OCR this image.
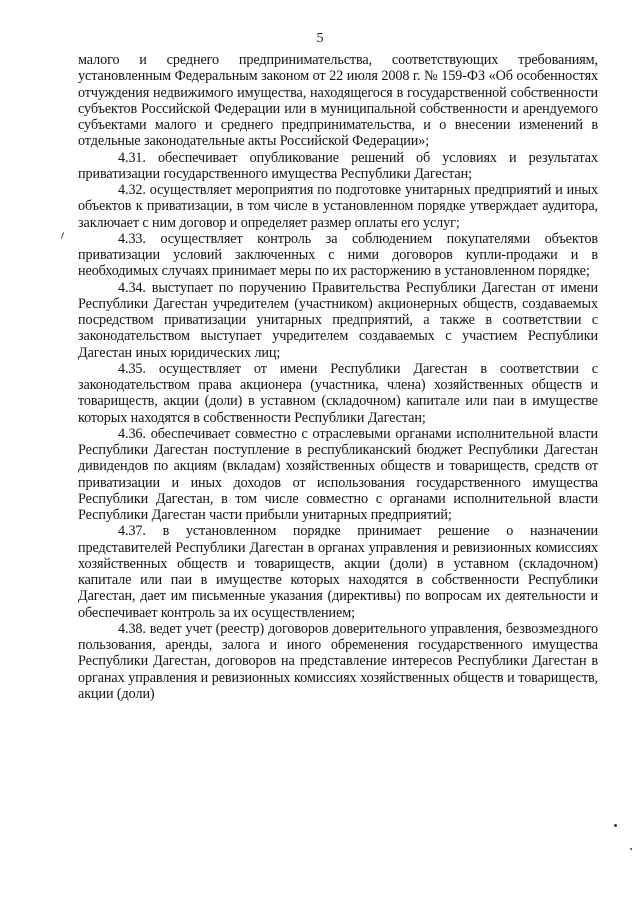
5

малого и среднего предпринимательства, соответствующих требованиям, установленным Федеральным законом от 22 июля 2008 г. № 159-ФЗ «Об особенностях отчуждения недвижимого имущества, находящегося в государственной собственности субъектов Российской Федерации или в муниципальной собственности и арендуемого субъектами малого и среднего предпринимательства, и о внесении изменений в отдельные законодательные акты Российской Федерации»;

4.31. обеспечивает опубликование решений об условиях и результатах приватизации государственного имущества Республики Дагестан;

4.32. осуществляет мероприятия по подготовке унитарных предприятий и иных объектов к приватизации, в том числе в установленном порядке утверждает аудитора, заключает с ним договор и определяет размер оплаты его услуг;

4.33. осуществляет контроль за соблюдением покупателями объектов приватизации условий заключенных с ними договоров купли-продажи и в необходимых случаях принимает меры по их расторжению в установленном порядке;

4.34. выступает по поручению Правительства Республики Дагестан от имени Республики Дагестан учредителем (участником) акционерных обществ, создаваемых посредством приватизации унитарных предприятий, а также в соответствии с законодательством выступает учредителем создаваемых с участием Республики Дагестан иных юридических лиц;

4.35. осуществляет от имени Республики Дагестан в соответствии с законодательством права акционера (участника, члена) хозяйственных обществ и товариществ, акции (доли) в уставном (складочном) капитале или паи в имуществе которых находятся в собственности Республики Дагестан;

4.36. обеспечивает совместно с отраслевыми органами исполнительной власти Республики Дагестан поступление в республиканский бюджет Республики Дагестан дивидендов по акциям (вкладам) хозяйственных обществ и товариществ, средств от приватизации и иных доходов от использования государственного имущества Республики Дагестан, в том числе совместно с органами исполнительной власти Республики Дагестан части прибыли унитарных предприятий;

4.37. в установленном порядке принимает решение о назначении представителей Республики Дагестан в органах управления и ревизионных комиссиях хозяйственных обществ и товариществ, акции (доли) в уставном (складочном) капитале или паи в имуществе которых находятся в собственности Республики Дагестан, дает им письменные указания (директивы) по вопросам их деятельности и обеспечивает контроль за их осуществлением;

4.38. ведет учет (реестр) договоров доверительного управления, безвозмездного пользования, аренды, залога и иного обременения государственного имущества Республики Дагестан, договоров на представление интересов Республики Дагестан в органах управления и ревизионных комиссиях хозяйственных обществ и товариществ, акции (доли)
